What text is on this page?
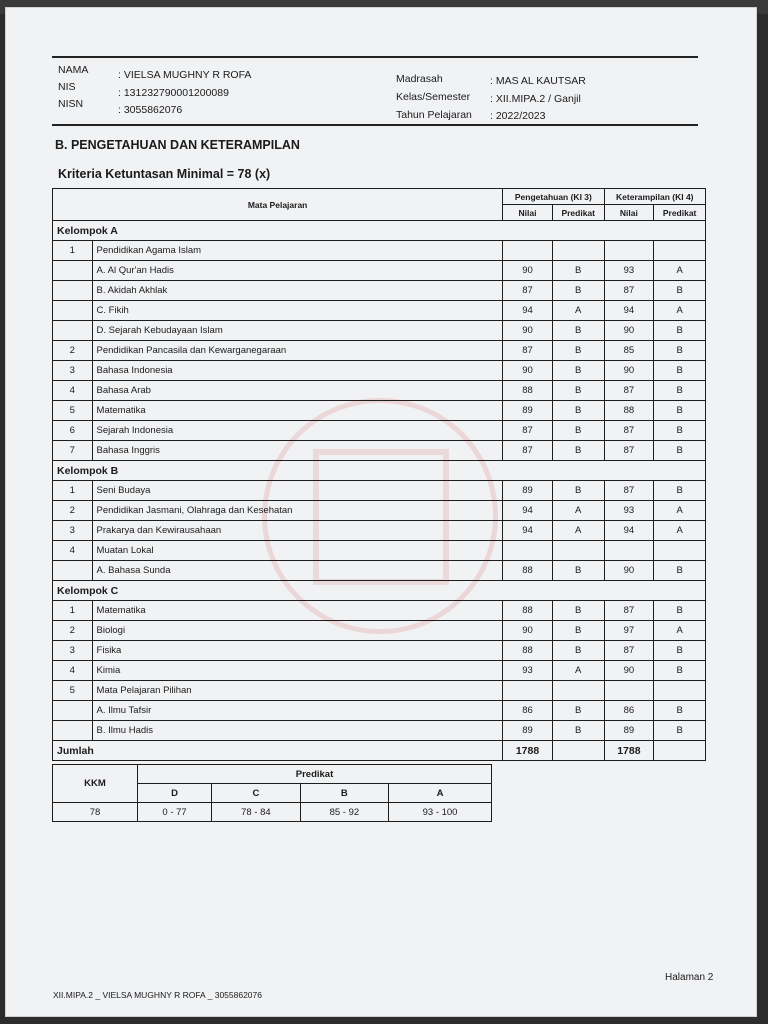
NAMA	: VIELSA MUGHNY R ROFA
NIS	: 131232790001200089
NISN	: 3055862076
Madrasah	: MAS AL KAUTSAR
Kelas/Semester : XII.MIPA.2 / Ganjil
Tahun Pelajaran : 2022/2023
B. PENGETAHUAN DAN KETERAMPILAN
Kriteria Ketuntasan Minimal = 78 (x)
Mata Pelajaran		Pengetahuan (KI 3)		Keterampilan (KI 4)	
		Nilai	Predikat	Nilai	Predikat
Kelompok A					
1	Pendidikan Agama Islam				
	A. Al Qur'an Hadis	90	B	93	A
	B. Akidah Akhlak	87	B	87	B
	C. Fikih	94	A	94	A
	D. Sejarah Kebudayaan Islam	90	B	90	B
2	Pendidikan Pancasila dan Kewarganegaraan	87	B	85	B
3	Bahasa Indonesia	90	B	90	B
4	Bahasa Arab	88	B	87	B
5	Matematika	89	B	88	B
6	Sejarah Indonesia	87	B	87	B
7	Bahasa Inggris	87	B	87	B
Kelompok B					
1	Seni Budaya	89	B	87	B
2	Pendidikan Jasmani, Olahraga dan Kesehatan	94	A	93	A
3	Prakarya dan Kewirausahaan	94	A	94	A
4	Muatan Lokal				
	A. Bahasa Sunda	88	B	90	B
Kelompok C					
1	Matematika	88	B	87	B
2	Biologi	90	B	97	A
3	Fisika	88	B	87	B
4	Kimia	93	A	90	B
5	Mata Pelajaran Pilihan				
	A. Ilmu Tafsir	86	B	86	B
	B. Ilmu Hadis	89	B	89	B
Jumlah		1788		1788	
KKM	Predikat			
	D	C	B	A
78	0 - 77	78 - 84	85 - 92	93 - 100
XII.MIPA.2 _ VIELSA MUGHNY R ROFA _ 3055862076
Halaman 2
